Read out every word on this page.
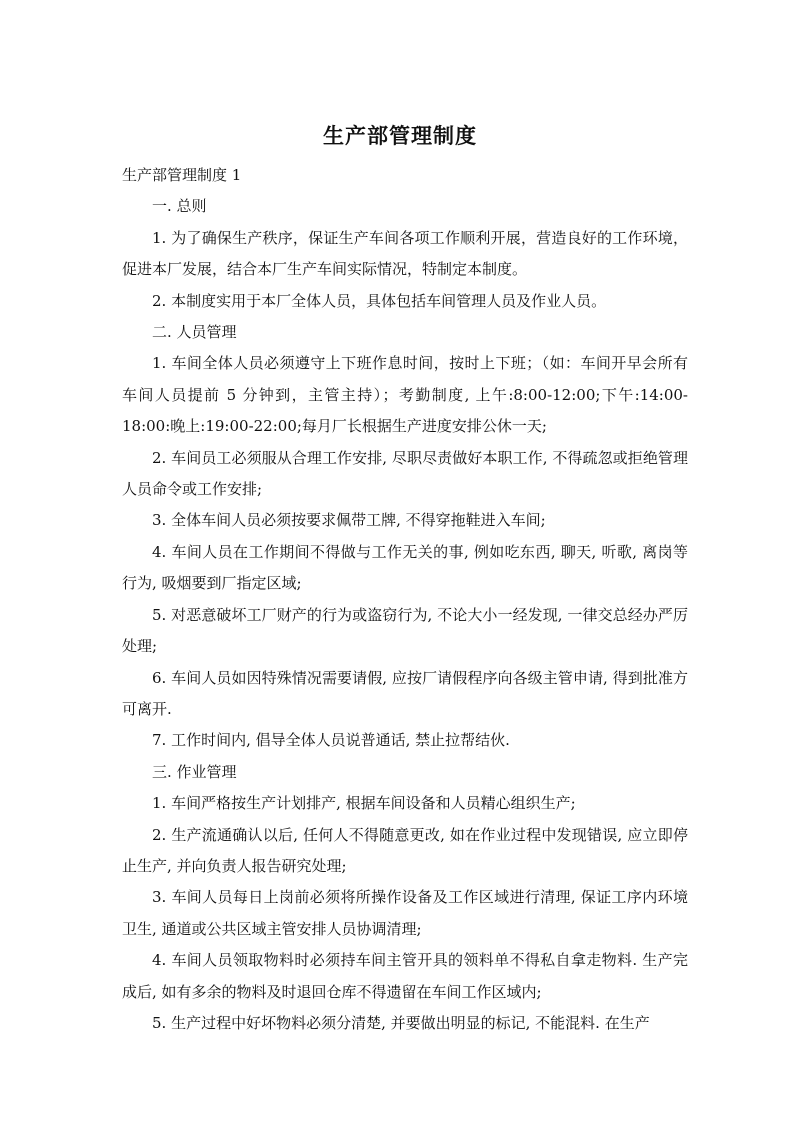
生产部管理制度

生产部管理制度 1

一. 总则

1. 为了确保生产秩序，保证生产车间各项工作顺利开展，营造良好的工作环境，促进本厂发展，结合本厂生产车间实际情况，特制定本制度。

2. 本制度实用于本厂全体人员，具体包括车间管理人员及作业人员。

二. 人员管理

1. 车间全体人员必须遵守上下班作息时间，按时上下班；（如：车间开早会所有车间人员提前 5 分钟到，主管主持）；考勤制度, 上午:8:00-12:00;下午:14:00-18:00:晚上:19:00-22:00;每月厂长根据生产进度安排公休一天;

2. 车间员工必须服从合理工作安排, 尽职尽责做好本职工作, 不得疏忽或拒绝管理人员命令或工作安排;

3. 全体车间人员必须按要求佩带工牌, 不得穿拖鞋进入车间;

4. 车间人员在工作期间不得做与工作无关的事, 例如吃东西, 聊天, 听歌, 离岗等行为, 吸烟要到厂指定区域;

5. 对恶意破坏工厂财产的行为或盗窃行为, 不论大小一经发现, 一律交总经办严厉处理;

6. 车间人员如因特殊情况需要请假, 应按厂请假程序向各级主管申请, 得到批准方可离开.

7. 工作时间内, 倡导全体人员说普通话, 禁止拉帮结伙.

三. 作业管理

1. 车间严格按生产计划排产, 根据车间设备和人员精心组织生产;

2. 生产流通确认以后, 任何人不得随意更改, 如在作业过程中发现错误, 应立即停止生产, 并向负责人报告研究处理;

3. 车间人员每日上岗前必须将所操作设备及工作区域进行清理, 保证工序内环境卫生, 通道或公共区域主管安排人员协调清理;

4. 车间人员领取物料时必须持车间主管开具的领料单不得私自拿走物料. 生产完成后, 如有多余的物料及时退回仓库不得遗留在车间工作区域内;

5. 生产过程中好坏物料必须分清楚, 并要做出明显的标记, 不能混料. 在生产
